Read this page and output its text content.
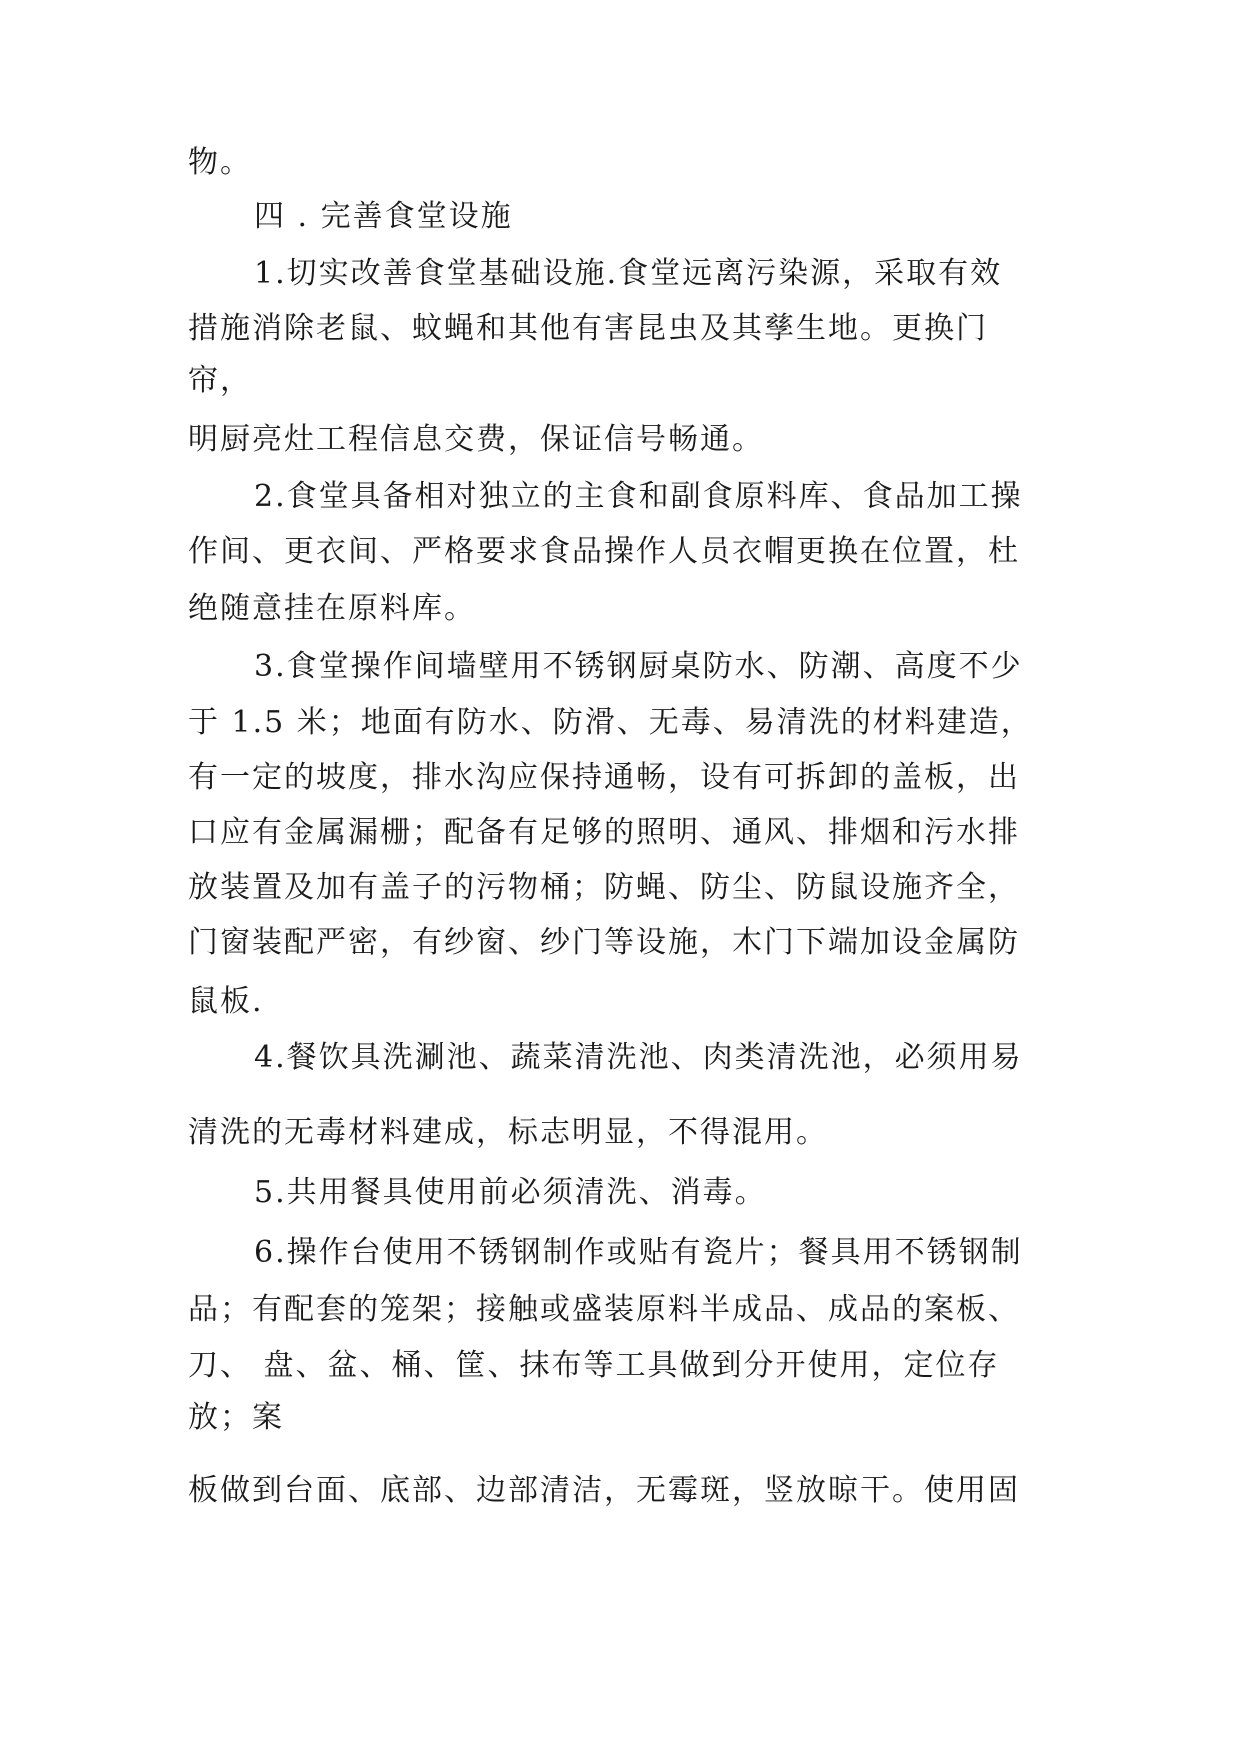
物。
四 . 完善食堂设施
1.切实改善食堂基础设施.食堂远离污染源，采取有效
措施消除老鼠、蚊蝇和其他有害昆虫及其孳生地。更换门
帘，
明厨亮灶工程信息交费，保证信号畅通。
2.食堂具备相对独立的主食和副食原料库、食品加工操
作间、更衣间、严格要求食品操作人员衣帽更换在位置，杜
绝随意挂在原料库。
3.食堂操作间墙壁用不锈钢厨桌防水、防潮、高度不少
于 1.5 米；地面有防水、防滑、无毒、易清洗的材料建造，
有一定的坡度，排水沟应保持通畅，设有可拆卸的盖板，出
口应有金属漏栅；配备有足够的照明、通风、排烟和污水排
放装置及加有盖子的污物桶；防蝇、防尘、防鼠设施齐全，
门窗装配严密，有纱窗、纱门等设施，木门下端加设金属防
鼠板.
4.餐饮具洗涮池、蔬菜清洗池、肉类清洗池，必须用易
清洗的无毒材料建成，标志明显，不得混用。
5.共用餐具使用前必须清洗、消毒。
6.操作台使用不锈钢制作或贴有瓷片；餐具用不锈钢制
品；有配套的笼架；接触或盛装原料半成品、成品的案板、
刀、 盘、盆、桶、筐、抹布等工具做到分开使用，定位存
放；案
板做到台面、底部、边部清洁，无霉斑，竖放晾干。使用固
